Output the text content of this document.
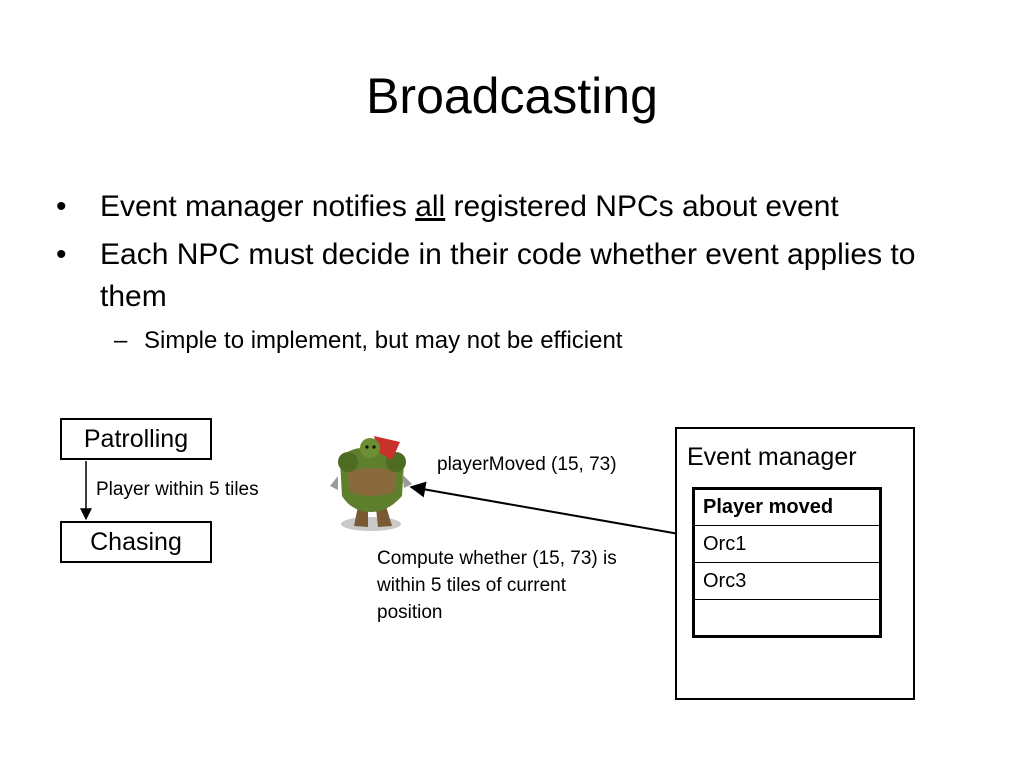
Broadcasting
•	Event manager notifies all registered NPCs about event
•	Each NPC must decide in their code whether event applies to them
– Simple to implement, but may not be efficient
Patrolling
Chasing
Player within 5 tiles
playerMoved (15, 73)
Compute whether (15, 73) is within 5 tiles of current position
Event manager
Player moved
Orc1
Orc3
